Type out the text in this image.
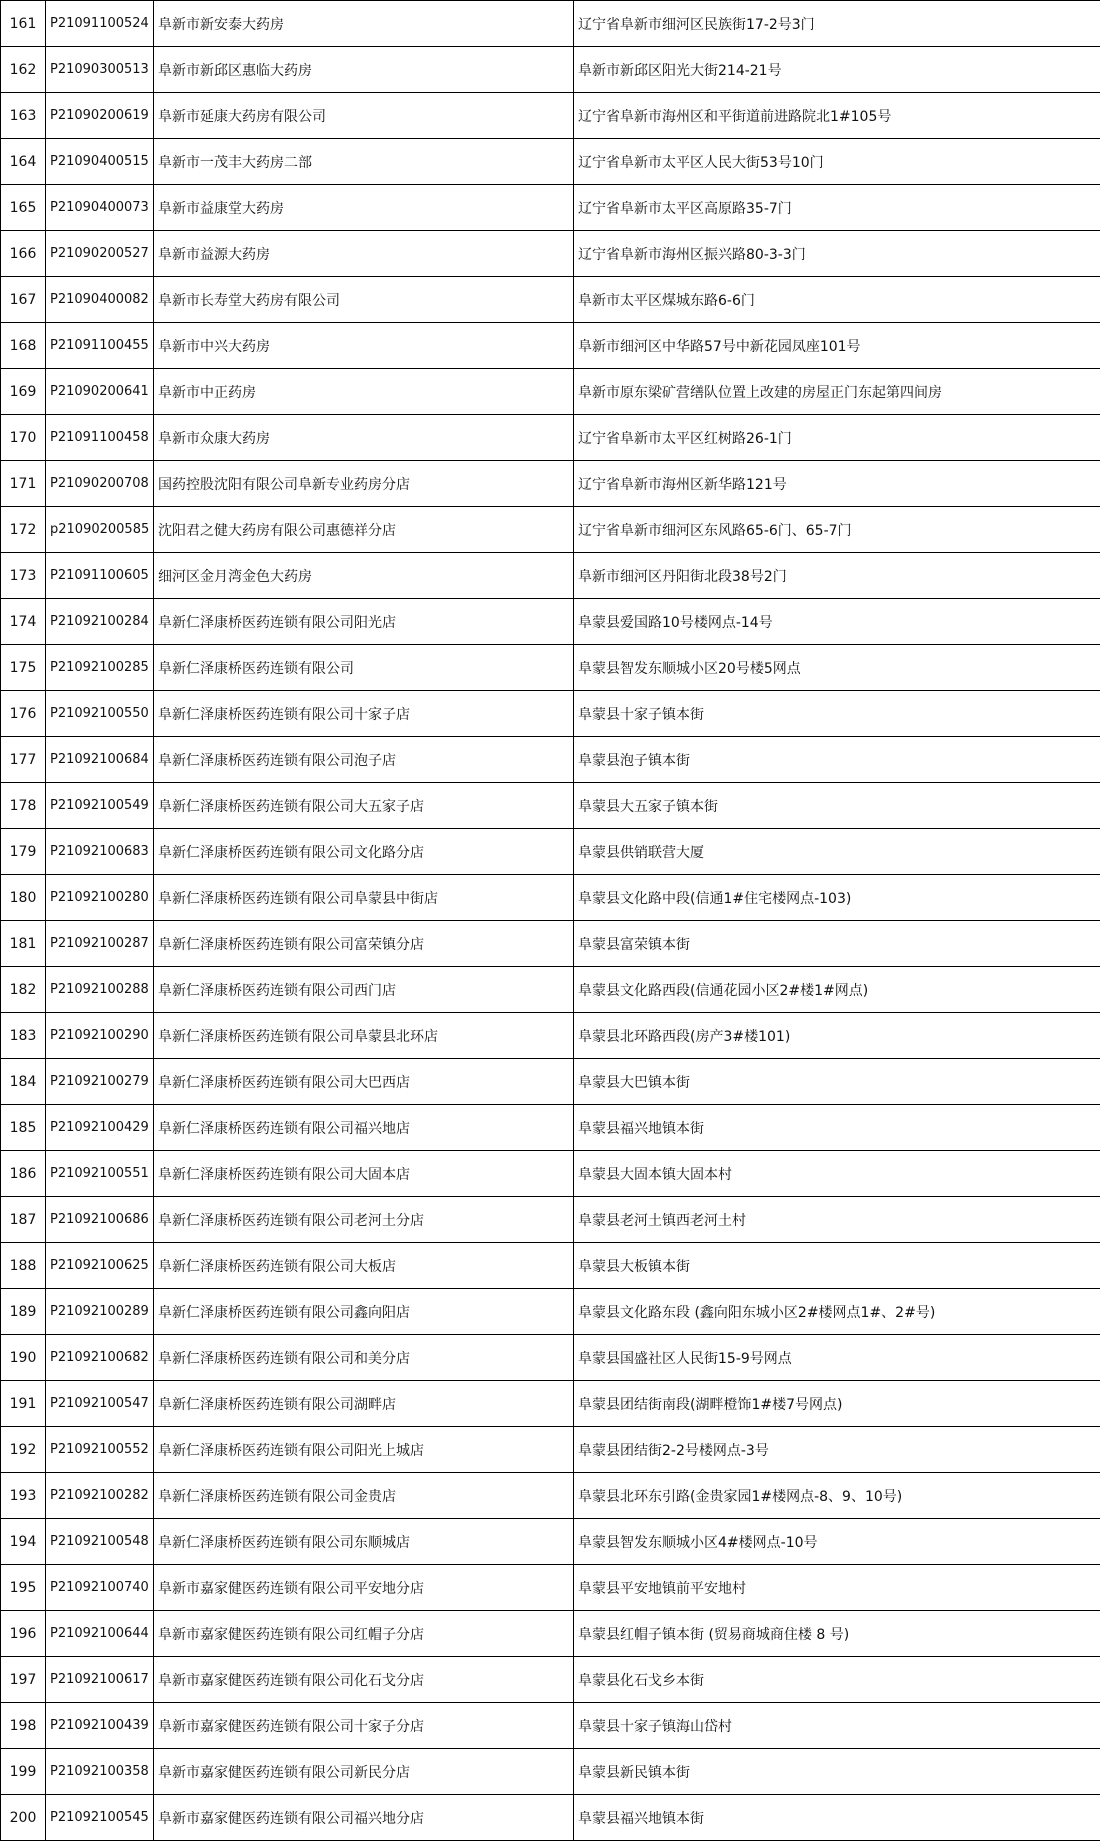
161	P21091100524	阜新市新安泰大药房	辽宁省阜新市细河区民族街17-2号3门
162	P21090300513	阜新市新邱区惠临大药房	阜新市新邱区阳光大街214-21号
163	P21090200619	阜新市延康大药房有限公司	辽宁省阜新市海州区和平街道前进路院北1#105号
164	P21090400515	阜新市一茂丰大药房二部	辽宁省阜新市太平区人民大街53号10门
165	P21090400073	阜新市益康堂大药房	辽宁省阜新市太平区高原路35-7门
166	P21090200527	阜新市益源大药房	辽宁省阜新市海州区振兴路80-3-3门
167	P21090400082	阜新市长寿堂大药房有限公司	阜新市太平区煤城东路6-6门
168	P21091100455	阜新市中兴大药房	阜新市细河区中华路57号中新花园凤座101号
169	P21090200641	阜新市中正药房	阜新市原东梁矿营缮队位置上改建的房屋正门东起第四间房
170	P21091100458	阜新市众康大药房	辽宁省阜新市太平区红树路26-1门
171	P21090200708	国药控股沈阳有限公司阜新专业药房分店	辽宁省阜新市海州区新华路121号
172	p21090200585	沈阳君之健大药房有限公司惠德祥分店	辽宁省阜新市细河区东风路65-6门、65-7门
173	P21091100605	细河区金月湾金色大药房	阜新市细河区丹阳街北段38号2门
174	P21092100284	阜新仁泽康桥医药连锁有限公司阳光店	阜蒙县爱国路10号楼网点-14号
175	P21092100285	阜新仁泽康桥医药连锁有限公司	阜蒙县智发东顺城小区20号楼5网点
176	P21092100550	阜新仁泽康桥医药连锁有限公司十家子店	阜蒙县十家子镇本街
177	P21092100684	阜新仁泽康桥医药连锁有限公司泡子店	阜蒙县泡子镇本街
178	P21092100549	阜新仁泽康桥医药连锁有限公司大五家子店	阜蒙县大五家子镇本街
179	P21092100683	阜新仁泽康桥医药连锁有限公司文化路分店	阜蒙县供销联营大厦
180	P21092100280	阜新仁泽康桥医药连锁有限公司阜蒙县中街店	阜蒙县文化路中段(信通1#住宅楼网点-103)
181	P21092100287	阜新仁泽康桥医药连锁有限公司富荣镇分店	阜蒙县富荣镇本街
182	P21092100288	阜新仁泽康桥医药连锁有限公司西门店	阜蒙县文化路西段(信通花园小区2#楼1#网点)
183	P21092100290	阜新仁泽康桥医药连锁有限公司阜蒙县北环店	阜蒙县北环路西段(房产3#楼101)
184	P21092100279	阜新仁泽康桥医药连锁有限公司大巴西店	阜蒙县大巴镇本街
185	P21092100429	阜新仁泽康桥医药连锁有限公司福兴地店	阜蒙县福兴地镇本街
186	P21092100551	阜新仁泽康桥医药连锁有限公司大固本店	阜蒙县大固本镇大固本村
187	P21092100686	阜新仁泽康桥医药连锁有限公司老河土分店	阜蒙县老河土镇西老河土村
188	P21092100625	阜新仁泽康桥医药连锁有限公司大板店	阜蒙县大板镇本街
189	P21092100289	阜新仁泽康桥医药连锁有限公司鑫向阳店	阜蒙县文化路东段 (鑫向阳东城小区2#楼网点1#、2#号)
190	P21092100682	阜新仁泽康桥医药连锁有限公司和美分店	阜蒙县国盛社区人民街15-9号网点
191	P21092100547	阜新仁泽康桥医药连锁有限公司湖畔店	阜蒙县团结街南段(湖畔橙饰1#楼7号网点)
192	P21092100552	阜新仁泽康桥医药连锁有限公司阳光上城店	阜蒙县团结街2-2号楼网点-3号
193	P21092100282	阜新仁泽康桥医药连锁有限公司金贵店	阜蒙县北环东引路(金贵家园1#楼网点-8、9、10号)
194	P21092100548	阜新仁泽康桥医药连锁有限公司东顺城店	阜蒙县智发东顺城小区4#楼网点-10号
195	P21092100740	阜新市嘉家健医药连锁有限公司平安地分店	阜蒙县平安地镇前平安地村
196	P21092100644	阜新市嘉家健医药连锁有限公司红帽子分店	阜蒙县红帽子镇本街 (贸易商城商住楼 8 号)
197	P21092100617	阜新市嘉家健医药连锁有限公司化石戈分店	阜蒙县化石戈乡本街
198	P21092100439	阜新市嘉家健医药连锁有限公司十家子分店	阜蒙县十家子镇海山岱村
199	P21092100358	阜新市嘉家健医药连锁有限公司新民分店	阜蒙县新民镇本街
200	P21092100545	阜新市嘉家健医药连锁有限公司福兴地分店	阜蒙县福兴地镇本街
